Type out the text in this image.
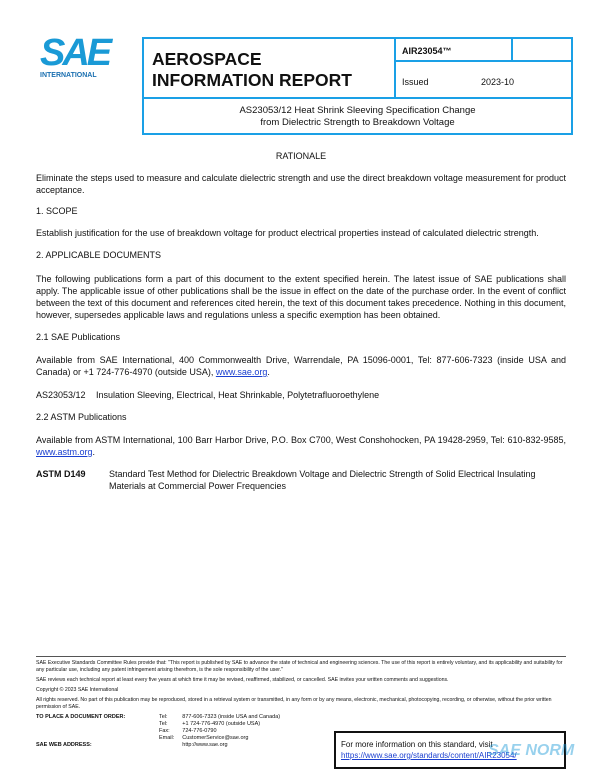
SAE
INTERNATIONAL
AEROSPACE
INFORMATION REPORT
AIR23054™
Issued	2023-10
AS23053/12 Heat Shrink Sleeving Specification Change
from Dielectric Strength to Breakdown Voltage
RATIONALE

Eliminate the steps used to measure and calculate dielectric strength and use the direct breakdown voltage measurement for product acceptance.

1. SCOPE

Establish justification for the use of breakdown voltage for product electrical properties instead of calculated dielectric strength.

2. APPLICABLE DOCUMENTS

The following publications form a part of this document to the extent specified herein. The latest issue of SAE publications shall apply. The applicable issue of other publications shall be the issue in effect on the date of the purchase order. In the event of conflict between the text of this document and references cited herein, the text of this document takes precedence. Nothing in this document, however, supersedes applicable laws and regulations unless a specific exemption has been obtained.

2.1 SAE Publications

Available from SAE International, 400 Commonwealth Drive, Warrendale, PA 15096-0001, Tel: 877-606-7323 (inside USA and Canada) or +1 724-776-4970 (outside USA), www.sae.org.

AS23053/12	Insulation Sleeving, Electrical, Heat Shrinkable, Polytetrafluoroethylene
2.2 ASTM Publications

Available from ASTM International, 100 Barr Harbor Drive, P.O. Box C700, West Conshohocken, PA 19428-2959, Tel: 610-832-9585, www.astm.org.

ASTM D149	Standard Test Method for Dielectric Breakdown Voltage and Dielectric Strength of Solid Electrical Insulating Materials at Commercial Power Frequencies

SAE Executive Standards Committee Rules provide that: "This report is published by SAE to advance the state of technical and engineering sciences. The use of this report is entirely voluntary, and its applicability and suitability for any particular use, including any patent infringement arising therefrom, is the sole responsibility of the user."

SAE reviews each technical report at least every five years at which time it may be revised, reaffirmed, stabilized, or cancelled. SAE invites your written comments and suggestions.

Copyright © 2023 SAE International

All rights reserved. No part of this publication may be reproduced, stored in a retrieval system or transmitted, in any form or by any means, electronic, mechanical, photocopying, recording, or otherwise, without the prior written permission of SAE.

TO PLACE A DOCUMENT ORDER:	Tel:	877-606-7323 (inside USA and Canada)
	Tel:	+1 724-776-4970 (outside USA)
	Fax:	724-776-0790
	Email:	CustomerService@sae.org
SAE WEB ADDRESS:		http://www.sae.org	For more information on this standard, visit
https://www.sae.org/standards/content/AIR23054/
SAE NORM
